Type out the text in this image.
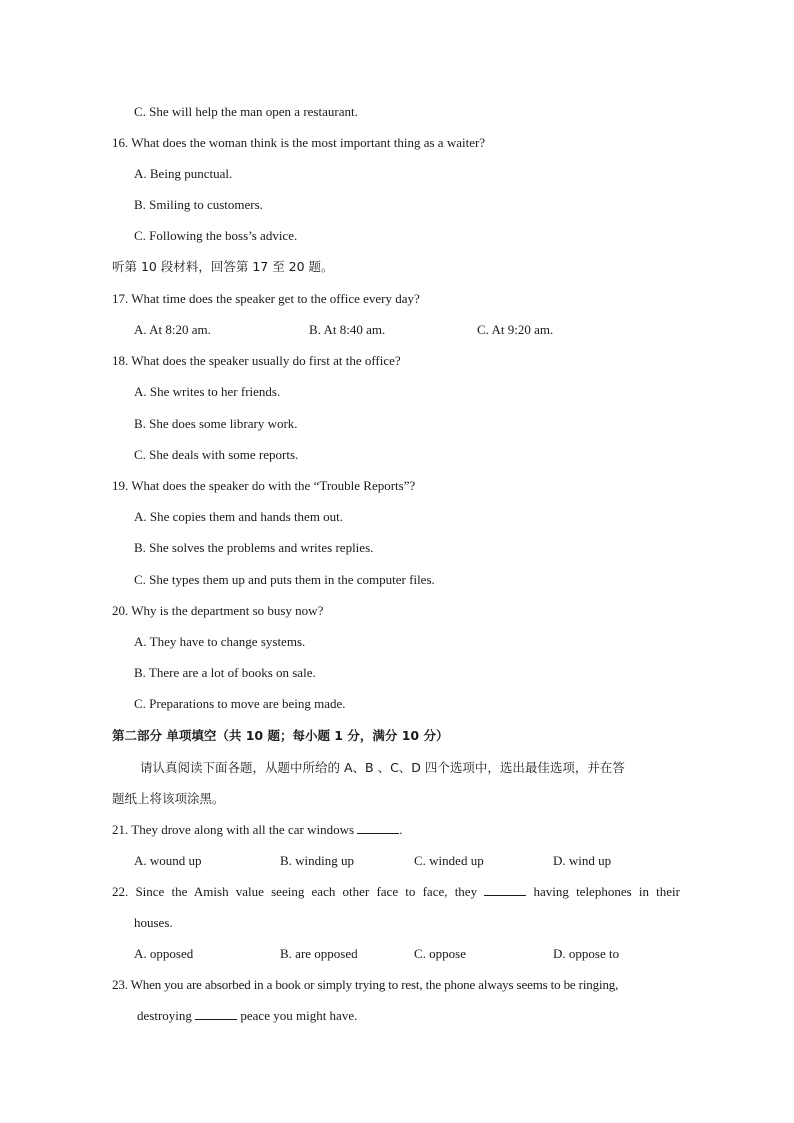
C. She will help the man open a restaurant.
16. What does the woman think is the most important thing as a waiter?
A. Being punctual.
B. Smiling to customers.
C. Following the boss’s advice.
听第 10 段材料，回答第 17 至 20 题。
17. What time does the speaker get to the office every day?
A. At 8:20 am.	B. At 8:40 am.	C. At 9:20 am.
18. What does the speaker usually do first at the office?
A. She writes to her friends.
B. She does some library work.
C. She deals with some reports.
19. What does the speaker do with the “Trouble Reports”?
A. She copies them and hands them out.
B. She solves the problems and writes replies.
C. She types them up and puts them in the computer files.
20. Why is the department so busy now?
A. They have to change systems.
B. There are a lot of books on sale.
C. Preparations to move are being made.
第二部分 单项填空（共 10 题；每小题 1 分，满分 10 分）
请认真阅读下面各题，从题中所给的 A、B 、C、D 四个选项中，选出最佳选项，并在答
题纸上将该项涂黑。
21. They drove along with all the car windows	.
A. wound up	B. winding up	C. winded up	D. wind up
22. Since the Amish value seeing each other face to face, they	having telephones in their
houses.
A. opposed	B. are opposed	C. oppose	D. oppose to
23. When you are absorbed in a book or simply trying to rest, the phone always seems to be ringing,
destroying	peace you might have.
